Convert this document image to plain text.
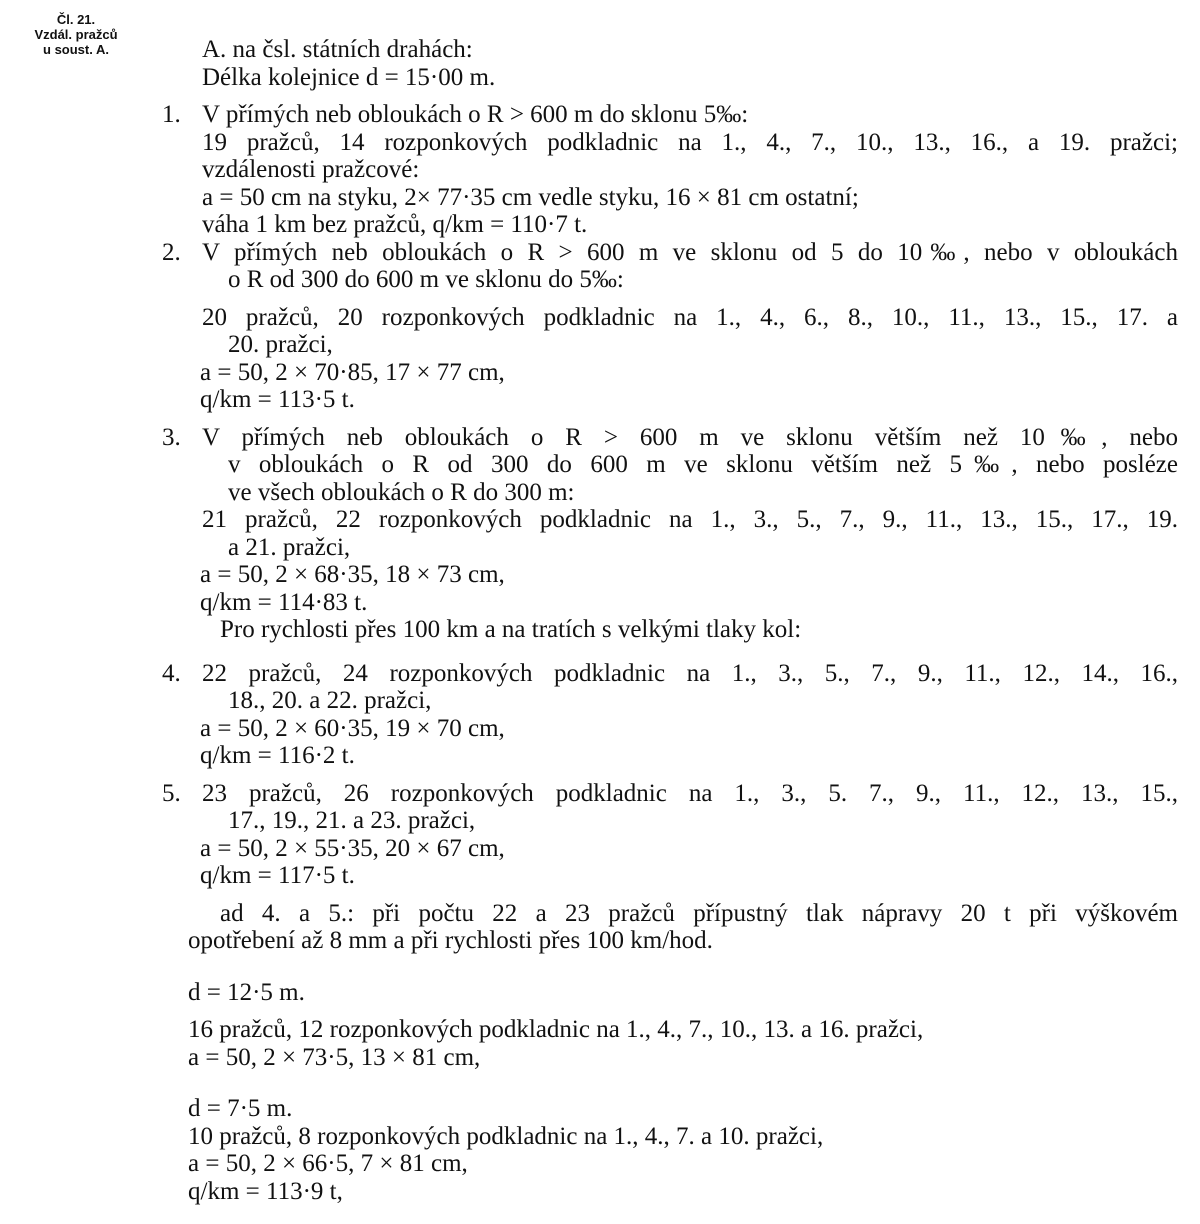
Čl. 21.
Vzdál. pražců
u soust. A.	A. na čsl. státních drahách:
Délka kolejnice d = 15·00 m.
1. V přímých neb obloukách o R > 600 m do sklonu 5‰:
19 pražců, 14 rozponkových podkladnic na 1., 4., 7., 10., 13., 16., a 19. pražci;
vzdálenosti pražcové:
a = 50 cm na styku, 2× 77·35 cm vedle styku, 16 × 81 cm ostatní;
váha 1 km bez pražců, q/km = 110·7 t.
2. V přímých neb obloukách o R > 600 m ve sklonu od 5 do 10‰, nebo v obloukách
o R od 300 do 600 m ve sklonu do 5‰:
20 pražců, 20 rozponkových podkladnic na 1., 4., 6., 8., 10., 11., 13., 15., 17. a
20. pražci,
a = 50, 2 × 70·85, 17 × 77 cm,
q/km = 113·5 t.
3. V přímých neb obloukách o R > 600 m ve sklonu větším než 10‰, nebo
v obloukách o R od 300 do 600 m ve sklonu větším než 5‰, nebo posléze
ve všech obloukách o R do 300 m:
21 pražců, 22 rozponkových podkladnic na 1., 3., 5., 7., 9., 11., 13., 15., 17., 19.
a 21. pražci,
a = 50, 2 × 68·35, 18 × 73 cm,
q/km = 114·83 t.
Pro rychlosti přes 100 km a na tratích s velkými tlaky kol:
4. 22 pražců, 24 rozponkových podkladnic na 1., 3., 5., 7., 9., 11., 12., 14., 16.,
18., 20. a 22. pražci,
a = 50, 2 × 60·35, 19 × 70 cm,
q/km = 116·2 t.
5. 23 pražců, 26 rozponkových podkladnic na 1., 3., 5. 7., 9., 11., 12., 13., 15.,
17., 19., 21. a 23. pražci,
a = 50, 2 × 55·35, 20 × 67 cm,
q/km = 117·5 t.
ad 4. a 5.: při počtu 22 a 23 pražců přípustný tlak nápravy 20 t při výškovém
opotřebení až 8 mm a při rychlosti přes 100 km/hod.
d = 12·5 m.
16 pražců, 12 rozponkových podkladnic na 1., 4., 7., 10., 13. a 16. pražci,
a = 50, 2 × 73·5, 13 × 81 cm,
d = 7·5 m.
10 pražců, 8 rozponkových podkladnic na 1., 4., 7. a 10. pražci,
a = 50, 2 × 66·5, 7 × 81 cm,
q/km = 113·9 t,
